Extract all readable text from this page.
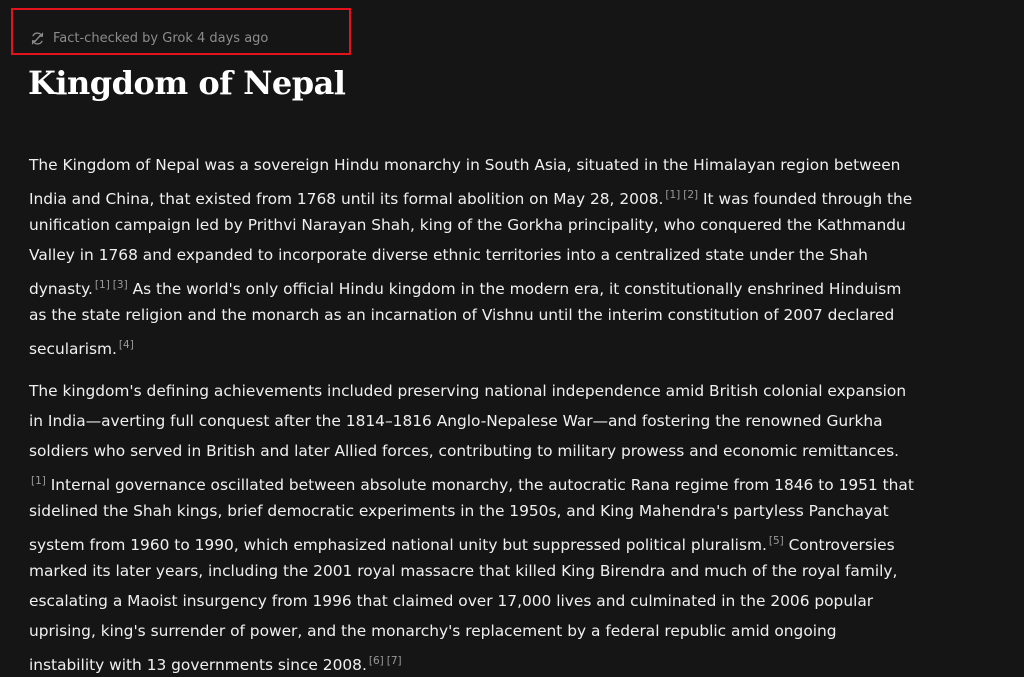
Fact-checked by Grok 4 days ago
Kingdom of Nepal

The Kingdom of Nepal was a sovereign Hindu monarchy in South Asia, situated in the Himalayan region between
India and China, that existed from 1768 until its formal abolition on May 28, 2008. [1] [2] It was founded through the
unification campaign led by Prithvi Narayan Shah, king of the Gorkha principality, who conquered the Kathmandu
Valley in 1768 and expanded to incorporate diverse ethnic territories into a centralized state under the Shah
dynasty. [1] [3] As the world's only official Hindu kingdom in the modern era, it constitutionally enshrined Hinduism
as the state religion and the monarch as an incarnation of Vishnu until the interim constitution of 2007 declared
secularism. [4]

The kingdom's defining achievements included preserving national independence amid British colonial expansion
in India—averting full conquest after the 1814–1816 Anglo-Nepalese War—and fostering the renowned Gurkha
soldiers who served in British and later Allied forces, contributing to military prowess and economic remittances.
[1] Internal governance oscillated between absolute monarchy, the autocratic Rana regime from 1846 to 1951 that
sidelined the Shah kings, brief democratic experiments in the 1950s, and King Mahendra's partyless Panchayat
system from 1960 to 1990, which emphasized national unity but suppressed political pluralism. [5] Controversies
marked its later years, including the 2001 royal massacre that killed King Birendra and much of the royal family,
escalating a Maoist insurgency from 1996 that claimed over 17,000 lives and culminated in the 2006 popular
uprising, king's surrender of power, and the monarchy's replacement by a federal republic amid ongoing
instability with 13 governments since 2008. [6] [7]
